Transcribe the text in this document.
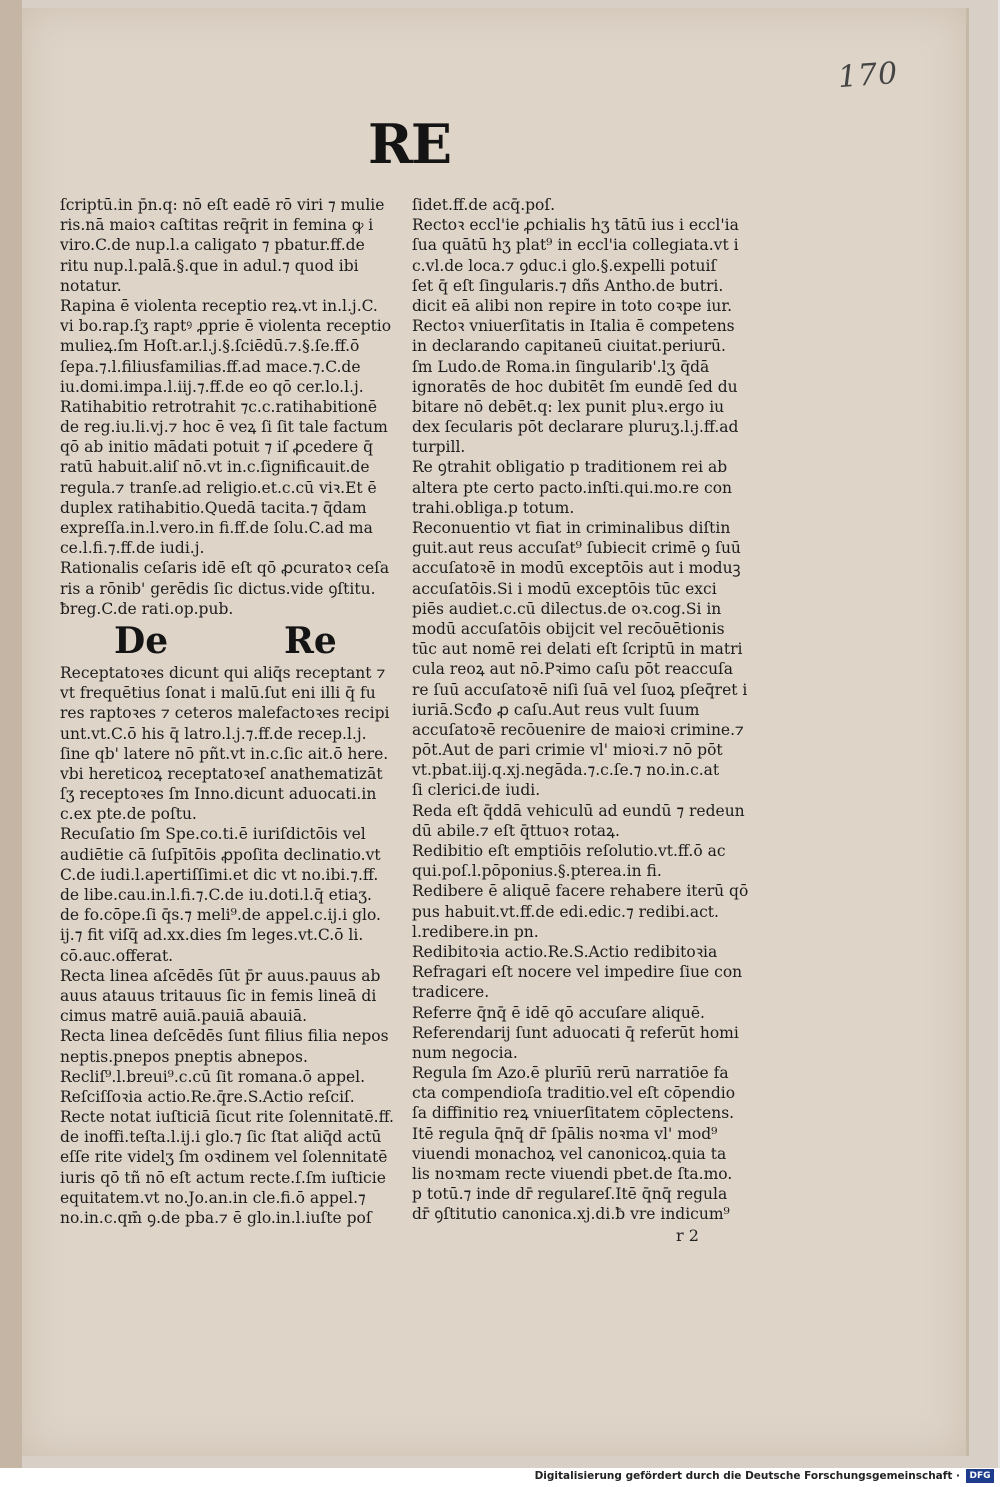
170
RE
ſcriptū.in p̄n.q: nō eſt eadē rō viri ⁊ mulie
ris.nā maioꝛ caſtitas req̄rit in femina ꝙ i
viro.C.de nup.l.a caligato ⁊ pbatur.ff.de
ritu nup.l.palā.§.que in adul.⁊ quod ibi
notatur.
Rapina ē violenta receptio reꝝ.vt in.l.j.C.
vi bo.rap.ſʒ raptꝰ ꝓprie ē violenta receptio
mulieꝝ.ſm Hoſt.ar.l.j.§.ſciēdū.⁊.§.ſe.ff.ō
ſepa.⁊.l.filiusfamilias.ff.ad mace.⁊.C.de
iu.domi.impa.l.iij.⁊.ff.de eo qō cer.lo.l.j.
Ratihabitio retrotrahit ⁊c.c.ratihabitionē
de reg.iu.li.vj.⁊ hoc ē veꝝ ſi ſit tale factum
qō ab initio mādati potuit ⁊ iſ ꝓcedere q̄
ratū habuit.aliſ nō.vt in.c.ſignificauit.de
regula.⁊ tranſe.ad religio.et.c.cū viꝛ.Et ē
duplex ratihabitio.Quedā tacita.⁊ q̄dam
expreſſa.in.l.vero.in fi.ff.de ſolu.C.ad ma
ce.l.fi.⁊.ff.de iudi.j.
Rationalis ceſaris idē eſt qō ꝓcuratoꝛ ceſa
ris a rōnib' gerēdis ſic dictus.vide ꝯſtitu.
ƀreg.C.de rati.op.pub.
De	Re
Receptatoꝛes dicunt qui aliq̄s receptant ⁊
vt frequētius ſonat i malū.ſut eni illi q̄ fu
res raptoꝛes ⁊ ceteros malefactoꝛes recipi
unt.vt.C.ō his q̄ latro.l.j.⁊.ff.de recep.l.j.
ſine qb' latere nō pñt.vt in.c.ſic ait.ō here.
vbi hereticoꝝ receptatoꝛeſ anathematizāt
ſʒ receptoꝛes ſm Inno.dicunt aduocati.in
c.ex pte.de poſtu.
Recuſatio ſm Spe.co.ti.ē iuriſdictōis vel
audiētie cā ſuſpītōis ꝓpoſita declinatio.vt
C.de iudi.l.apertiſſimi.et dic vt no.ibi.⁊.ff.
de libe.cau.in.l.fi.⁊.C.de iu.doti.l.q̄ etiaʒ.
de fo.cōpe.ſi q̄s.⁊ meli⁹.de appel.c.ij.i glo.
ij.⁊ fit viſq̄ ad.xx.dies ſm leges.vt.C.ō li.
cō.auc.offerat.
Recta linea aſcēdēs ſūt p̄r auus.pauus ab
auus atauus tritauus ſic in femis lineā di
cimus matrē auiā.pauiā abauiā.
Recta linea deſcēdēs ſunt filius filia nepos
neptis.pnepos pneptis abnepos.
Recliſ⁹.l.breui⁹.c.cū ſit romana.ō appel.
Reſciſſoꝛia actio.Re.q̄re.S.Actio reſciſ.
Recte notat iuſticiā ſicut rite ſolennitatē.ff.
de inoffi.teſta.l.ij.i glo.⁊ ſic ſtat aliq̄d actū
eſſe rite videlʒ ſm oꝛdinem vel ſolennitatē
iuris qō tñ nō eſt actum recte.ſ.ſm iuſticie
equitatem.vt no.Jo.an.in cle.fi.ō appel.⁊
no.in.c.qm̄ ꝯ.de pba.⁊ ē glo.in.l.iuſte poſ
ſidet.ff.de acq̄.poſ.
Rectoꝛ eccl'ie ꝓchialis hʒ tātū ius i eccl'ia
ſua quātū hʒ plat⁹ in eccl'ia collegiata.vt i
c.vl.de loca.⁊ ꝯduc.i glo.§.expelli potuiſ
ſet q̄ eſt ſingularis.⁊ dñs Antho.de butri.
dicit eā alibi non repire in toto coꝛpe iur.
Rectoꝛ vniuerſitatis in Italia ē competens
in declarando capitaneū ciuitat.periurū.
ſm Ludo.de Roma.in ſingularib'.lʒ q̄dā
ignoratēs de hoc dubitēt ſm eundē ſed du
bitare nō debēt.q: lex punit pluꝛ.ergo iu
dex ſecularis pōt declarare pluruʒ.l.j.ff.ad
turpill.
Re ꝯtrahit obligatio p traditionem rei ab
altera pte certo pacto.inſti.qui.mo.re con
trahi.obliga.p totum.
Reconuentio vt fiat in criminalibus diſtin
guit.aut reus accuſat⁹ ſubiecit crimē ꝯ ſuū
accuſatoꝛē in modū exceptōis aut i moduꝫ
accuſatōis.Si i modū exceptōis tūc exci
piēs audiet.c.cū dilectus.de oꝛ.cog.Si in
modū accuſatōis obijcit vel recōuētionis
tūc aut nomē rei delati eſt ſcriptū in matri
cula reoꝝ aut nō.Pꝛimo caſu pōt reaccuſa
re ſuū accuſatoꝛē niſi ſuā vel ſuoꝝ pſeq̄ret i
iuriā.Scđo ꝓ caſu.Aut reus vult ſuum
accuſatoꝛē recōuenire de maioꝛi crimine.⁊
pōt.Aut de pari crimie vl' mioꝛi.⁊ nō pōt
vt.pbat.iij.q.xj.negāda.⁊.c.ſe.⁊ no.in.c.at
ſi clerici.de iudi.
Reda eſt q̄ddā vehiculū ad eundū ⁊ redeun
dū abile.⁊ eſt q̄ttuoꝛ rotaꝝ.
Redibitio eſt emptiōis reſolutio.vt.ff.ō ac
qui.poſ.l.pōponius.§.pterea.in fi.
Redibere ē aliquē facere rehabere iterū qō
pus habuit.vt.ff.de edi.edic.⁊ redibi.act.
l.redibere.in pn.
Redibitoꝛia actio.Re.S.Actio redibitoꝛia
Refragari eſt nocere vel impedire ſiue con
tradicere.
Referre q̄nq̄ ē idē qō accuſare aliquē.
Referendarij ſunt aduocati q̄ referūt homi
num negocia.
Regula ſm Azo.ē plurīū rerū narratiōe fa
cta compendioſa traditio.vel eſt cōpendio
ſa diffinitio reꝝ vniuerſitatem cōplectens.
Itē regula q̄nq̄ dr̄ ſpālis noꝛma vl' mod⁹
viuendi monachoꝝ vel canonicoꝝ.quia ta
lis noꝛmam recte viuendi pbet.de ſta.mo.
p totū.⁊ inde dr̄ regulareſ.Itē q̄nq̄ regula
dr̄ ꝯſtitutio canonica.xj.di.ƀ vre indicum⁹
r 2
Digitalisierung gefördert durch die Deutsche Forschungsgemeinschaft ·	DFG
